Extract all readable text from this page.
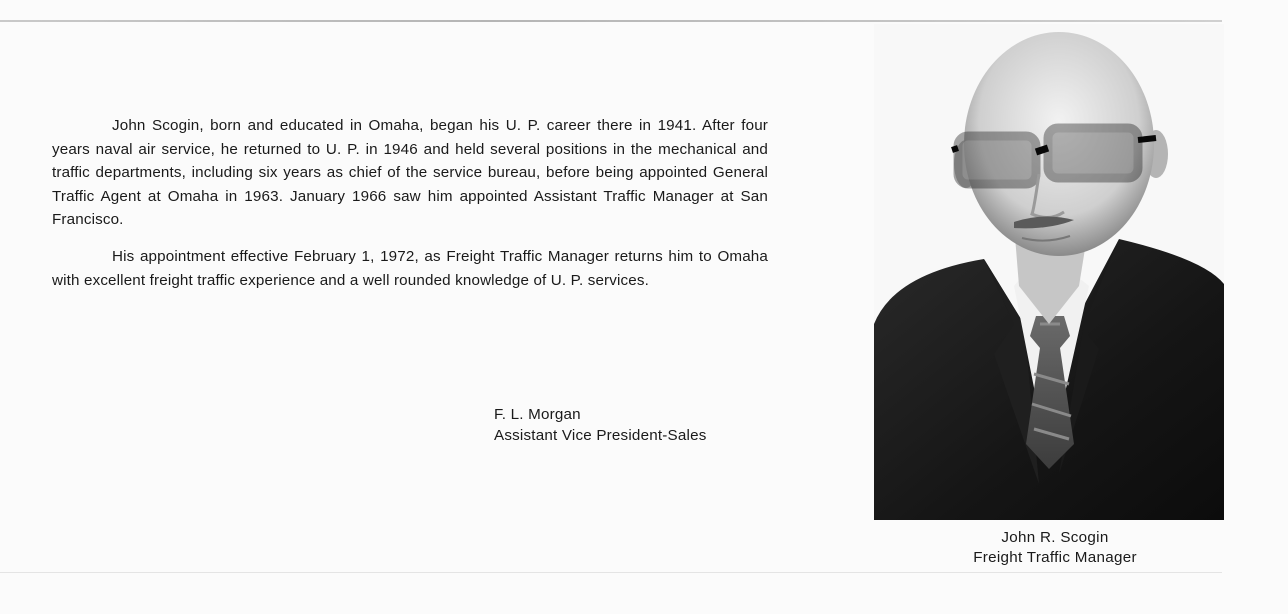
John Scogin, born and educated in Omaha, began his U. P. career there in 1941. After four years naval air service, he returned to U. P. in 1946 and held several positions in the mechanical and traffic departments, including six years as chief of the service bureau, before being appointed General Traffic Agent at Omaha in 1963. January 1966 saw him appointed Assistant Traffic Manager at San Francisco.

His appointment effective February 1, 1972, as Freight Traffic Manager returns him to Omaha with excellent freight traffic experience and a well rounded knowledge of U. P. services.

F. L. Morgan
Assistant Vice President-Sales
John R. Scogin
Freight Traffic Manager
